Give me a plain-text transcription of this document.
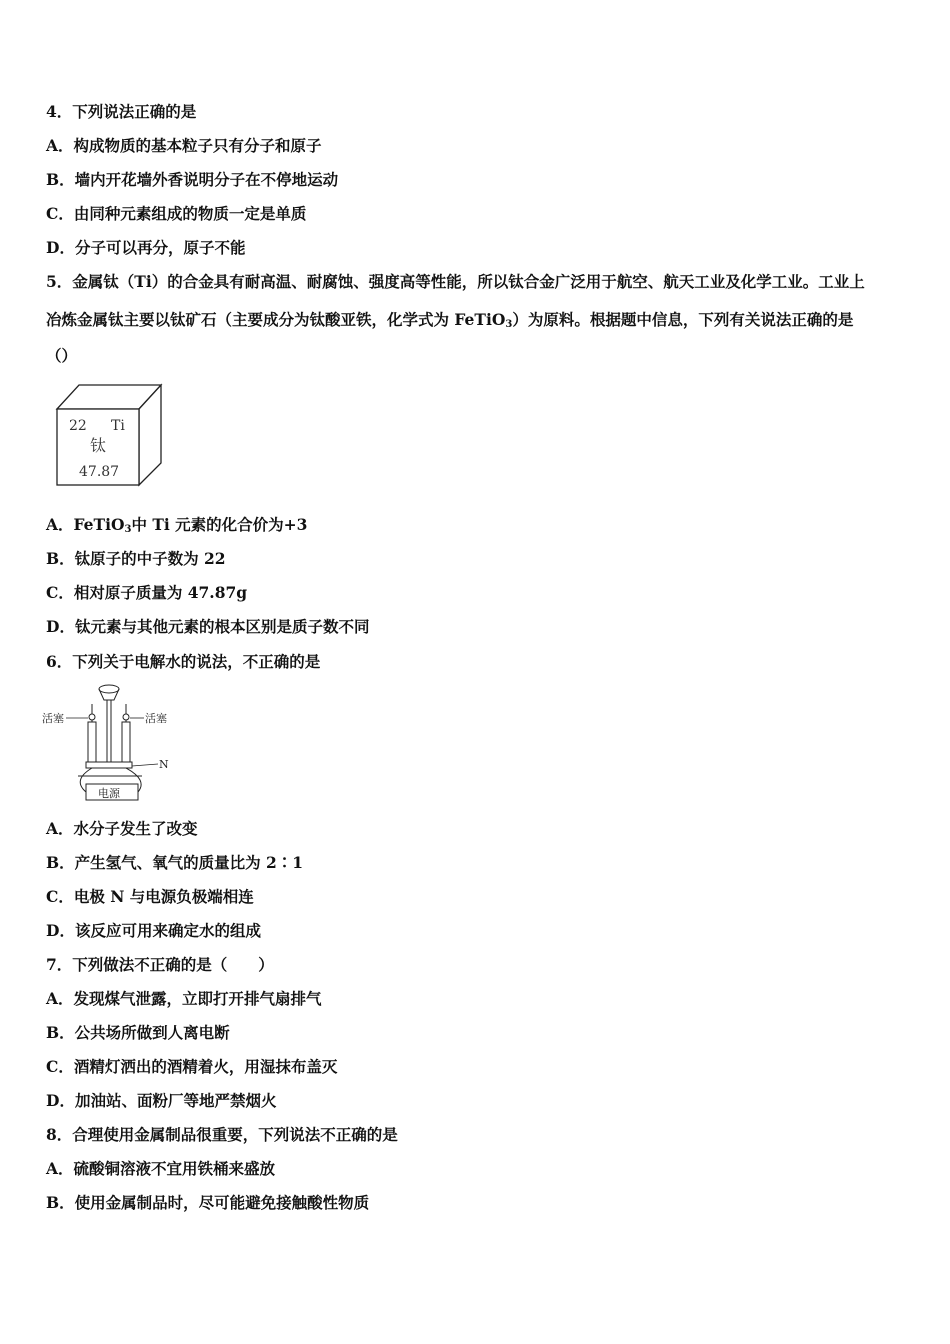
4．下列说法正确的是
A．构成物质的基本粒子只有分子和原子
B．墙内开花墙外香说明分子在不停地运动
C．由同种元素组成的物质一定是单质
D．分子可以再分，原子不能
5．金属钛（Ti）的合金具有耐高温、耐腐蚀、强度高等性能，所以钛合金广泛用于航空、航天工业及化学工业。工业上
冶炼金属钛主要以钛矿石（主要成分为钛酸亚铁，化学式为 FeTiO$_3$）为原料。根据题中信息，下列有关说法正确的是
（）
22 Ti
钛
47.87
A．FeTiO$_3$中 Ti 元素的化合价为+3
B．钛原子的中子数为 22
C．相对原子质量为 47.87g
D．钛元素与其他元素的根本区别是质子数不同
6．下列关于电解水的说法，不正确的是
电源
活塞	活塞
N
A．水分子发生了改变
B．产生氢气、氧气的质量比为 2∶1
C．电极 N 与电源负极端相连
D．该反应可用来确定水的组成
7．下列做法不正确的是（　　）
A．发现煤气泄露，立即打开排气扇排气
B．公共场所做到人离电断
C．酒精灯洒出的酒精着火，用湿抹布盖灭
D．加油站、面粉厂等地严禁烟火
8．合理使用金属制品很重要，下列说法不正确的是
A．硫酸铜溶液不宜用铁桶来盛放
B．使用金属制品时，尽可能避免接触酸性物质
